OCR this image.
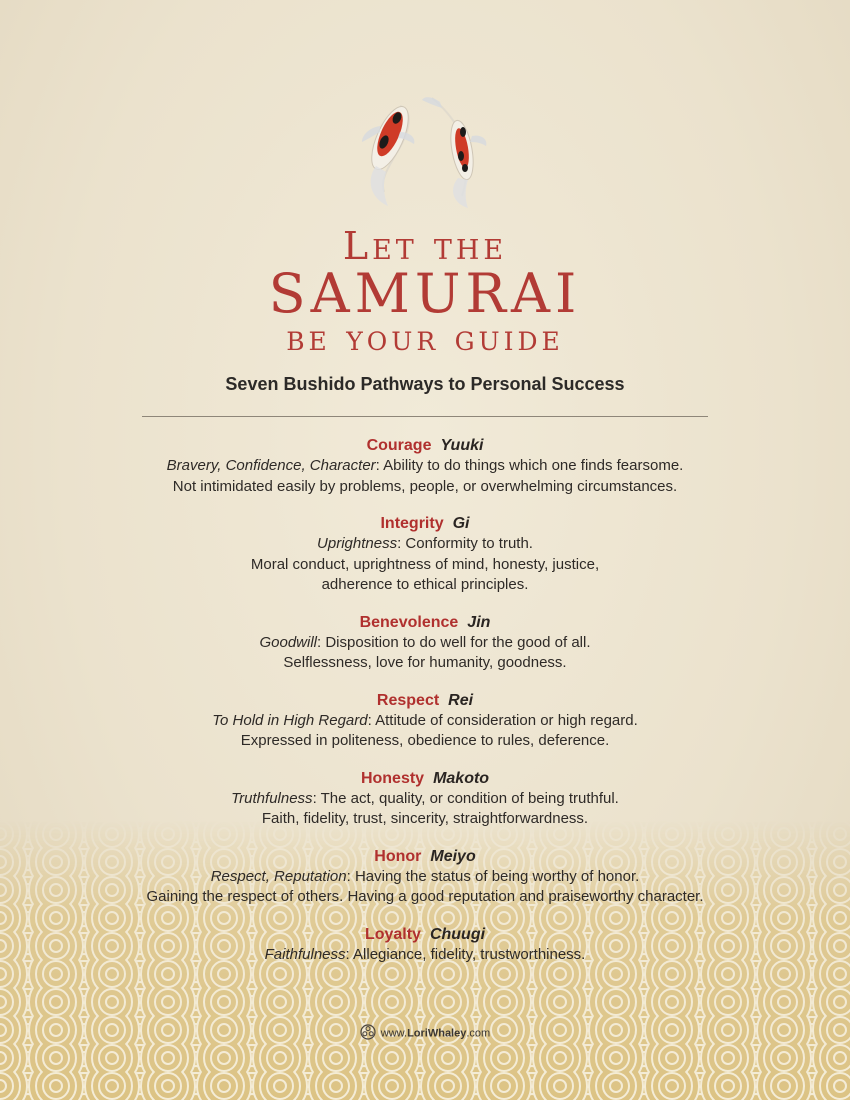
Let the
SAMURAI
be your guide
Seven Bushido Pathways to Personal Success

Courage Yuuki

Bravery, Confidence, Character: Ability to do things which one finds fearsome.

Not intimidated easily by problems, people, or overwhelming circumstances.

Integrity Gi

Uprightness: Conformity to truth.

Moral conduct, uprightness of mind, honesty, justice,

adherence to ethical principles.

Benevolence Jin

Goodwill: Disposition to do well for the good of all.

Selflessness, love for humanity, goodness.

Respect Rei

To Hold in High Regard: Attitude of consideration or high regard.

Expressed in politeness, obedience to rules, deference.

Honesty Makoto

Truthfulness: The act, quality, or condition of being truthful.

Faith, fidelity, trust, sincerity, straightforwardness.

Honor Meiyo

Respect, Reputation: Having the status of being worthy of honor.

Gaining the respect of others. Having a good reputation and praiseworthy character.

Loyalty Chuugi

Faithfulness: Allegiance, fidelity, trustworthiness.

www.LoriWhaley.com
